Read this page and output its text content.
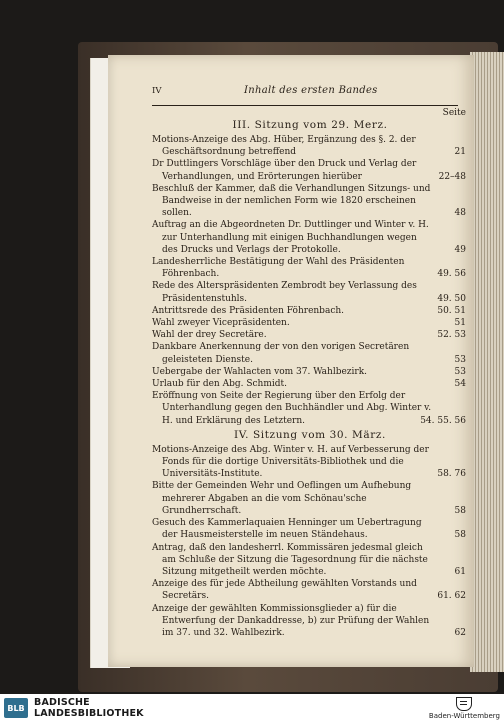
IV	Inhalt des ersten Bandes
Seite
III. Sitzung vom 29. Merz.
Motions-Anzeige des Abg. Hüber, Ergänzung des §. 2. der Geschäftsordnung betreffend	21
Dr Duttlingers Vorschläge über den Druck und Verlag der Verhandlungen, und Erörterungen hierüber	22–48
Beschluß der Kammer, daß die Verhandlungen Sitzungs- und Bandweise in der nemlichen Form wie 1820 erscheinen sollen.	48
Auftrag an die Abgeordneten Dr. Duttlinger und Winter v. H. zur Unterhandlung mit einigen Buchhandlungen wegen des Drucks und Verlags der Protokolle.	49
Landesherrliche Bestätigung der Wahl des Präsidenten Föhrenbach.	49. 56
Rede des Alterspräsidenten Zembrodt bey Verlassung des Präsidentenstuhls.	49. 50
Antrittsrede des Präsidenten Föhrenbach.	50. 51
Wahl zweyer Vicepräsidenten.	51
Wahl der drey Secretäre.	52. 53
Dankbare Anerkennung der von den vorigen Secretären geleisteten Dienste.	53
Uebergabe der Wahlacten vom 37. Wahlbezirk.	53
Urlaub für den Abg. Schmidt.	54
Eröffnung von Seite der Regierung über den Erfolg der Unterhandlung gegen den Buchhändler und Abg. Winter v. H. und Erklärung des Letztern.	54. 55. 56
IV. Sitzung vom 30. März.
Motions-Anzeige des Abg. Winter v. H. auf Verbesserung der Fonds für die dortige Universitäts-Bibliothek und die Universitäts-Institute.	58. 76
Bitte der Gemeinden Wehr und Oeflingen um Aufhebung mehrerer Abgaben an die vom Schönau'sche Grundherrschaft.	58
Gesuch des Kammerlaquaien Henninger um Uebertragung der Hausmeisterstelle im neuen Ständehaus.	58
Antrag, daß den landesherrl. Kommissären jedesmal gleich am Schluße der Sitzung die Tagesordnung für die nächste Sitzung mitgetheilt werden möchte.	61
Anzeige des für jede Abtheilung gewählten Vorstands und Secretärs.	61. 62
Anzeige der gewählten Kommissionsglieder a) für die Entwerfung der Dankaddresse, b) zur Prüfung der Wahlen im 37. und 32. Wahlbezirk.	62
BLB BADISCHE
LANDESBIBLIOTHEK	Baden-Württemberg
